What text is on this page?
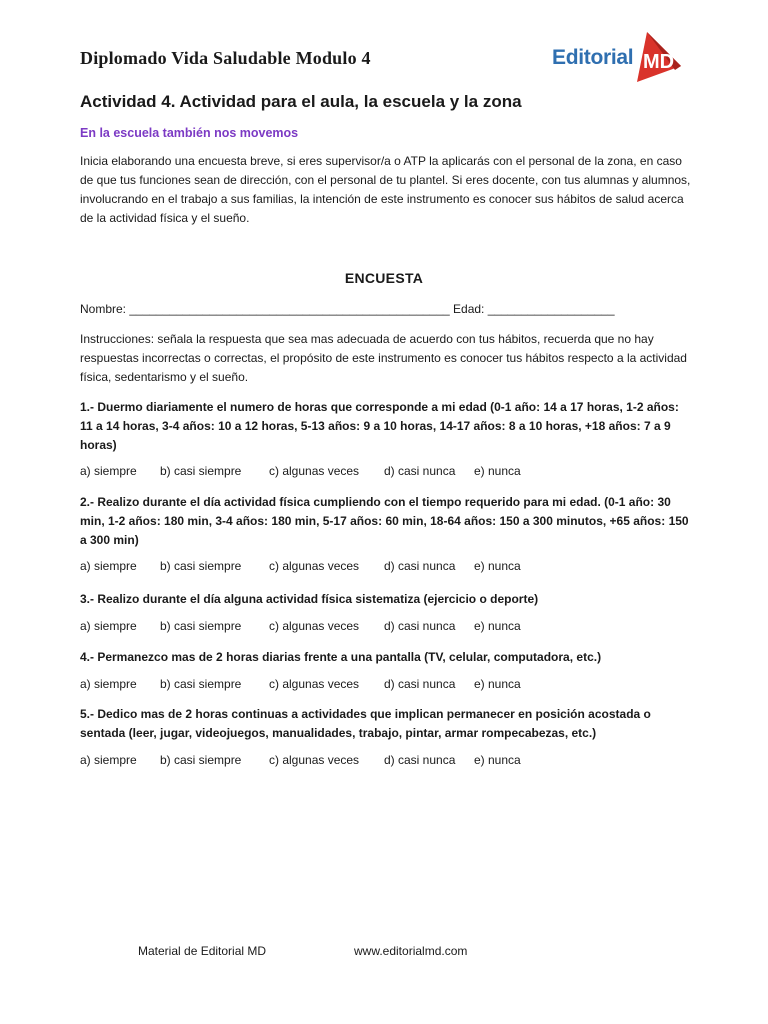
Diplomado Vida Saludable Modulo 4	Editorial MD
Actividad 4. Actividad para el aula, la escuela y la zona
En la escuela también nos movemos
Inicia elaborando una encuesta breve, si eres supervisor/a o ATP la aplicarás con el personal de la zona, en caso de que tus funciones sean de dirección, con el personal de tu plantel. Si eres docente, con tus alumnas y alumnos, involucrando en el trabajo a sus familias, la intención de este instrumento es conocer sus hábitos de salud acerca de la actividad física y el sueño.
ENCUESTA
Nombre: ________________________________________________ Edad: ___________________
Instrucciones: señala la respuesta que sea mas adecuada de acuerdo con tus hábitos, recuerda que no hay respuestas incorrectas o correctas, el propósito de este instrumento es conocer tus hábitos respecto a la actividad física, sedentarismo y el sueño.
1.- Duermo diariamente el numero de horas que corresponde a mi edad (0-1 año: 14 a 17 horas, 1-2 años: 11 a 14 horas, 3-4 años: 10 a 12 horas, 5-13 años: 9 a 10 horas, 14-17 años: 8 a 10 horas, +18 años: 7 a 9 horas)
a) siempre b) casi siempre c) algunas veces d) casi nunca e) nunca
2.- Realizo durante el día actividad física cumpliendo con el tiempo requerido para mi edad. (0-1 año: 30 min, 1-2 años: 180 min, 3-4 años: 180 min, 5-17 años: 60 min, 18-64 años: 150 a 300 minutos, +65 años: 150 a 300 min)
a) siempre b) casi siempre c) algunas veces d) casi nunca e) nunca
3.- Realizo durante el día alguna actividad física sistematiza (ejercicio o deporte)
a) siempre b) casi siempre c) algunas veces d) casi nunca e) nunca
4.- Permanezco mas de 2 horas diarias frente a una pantalla (TV, celular, computadora, etc.)
a) siempre b) casi siempre c) algunas veces d) casi nunca e) nunca
5.- Dedico mas de 2 horas continuas a actividades que implican permanecer en posición acostada o sentada (leer, jugar, videojuegos, manualidades, trabajo, pintar, armar rompecabezas, etc.)
a) siempre b) casi siempre c) algunas veces d) casi nunca e) nunca
Material de Editorial MD	www.editorialmd.com
